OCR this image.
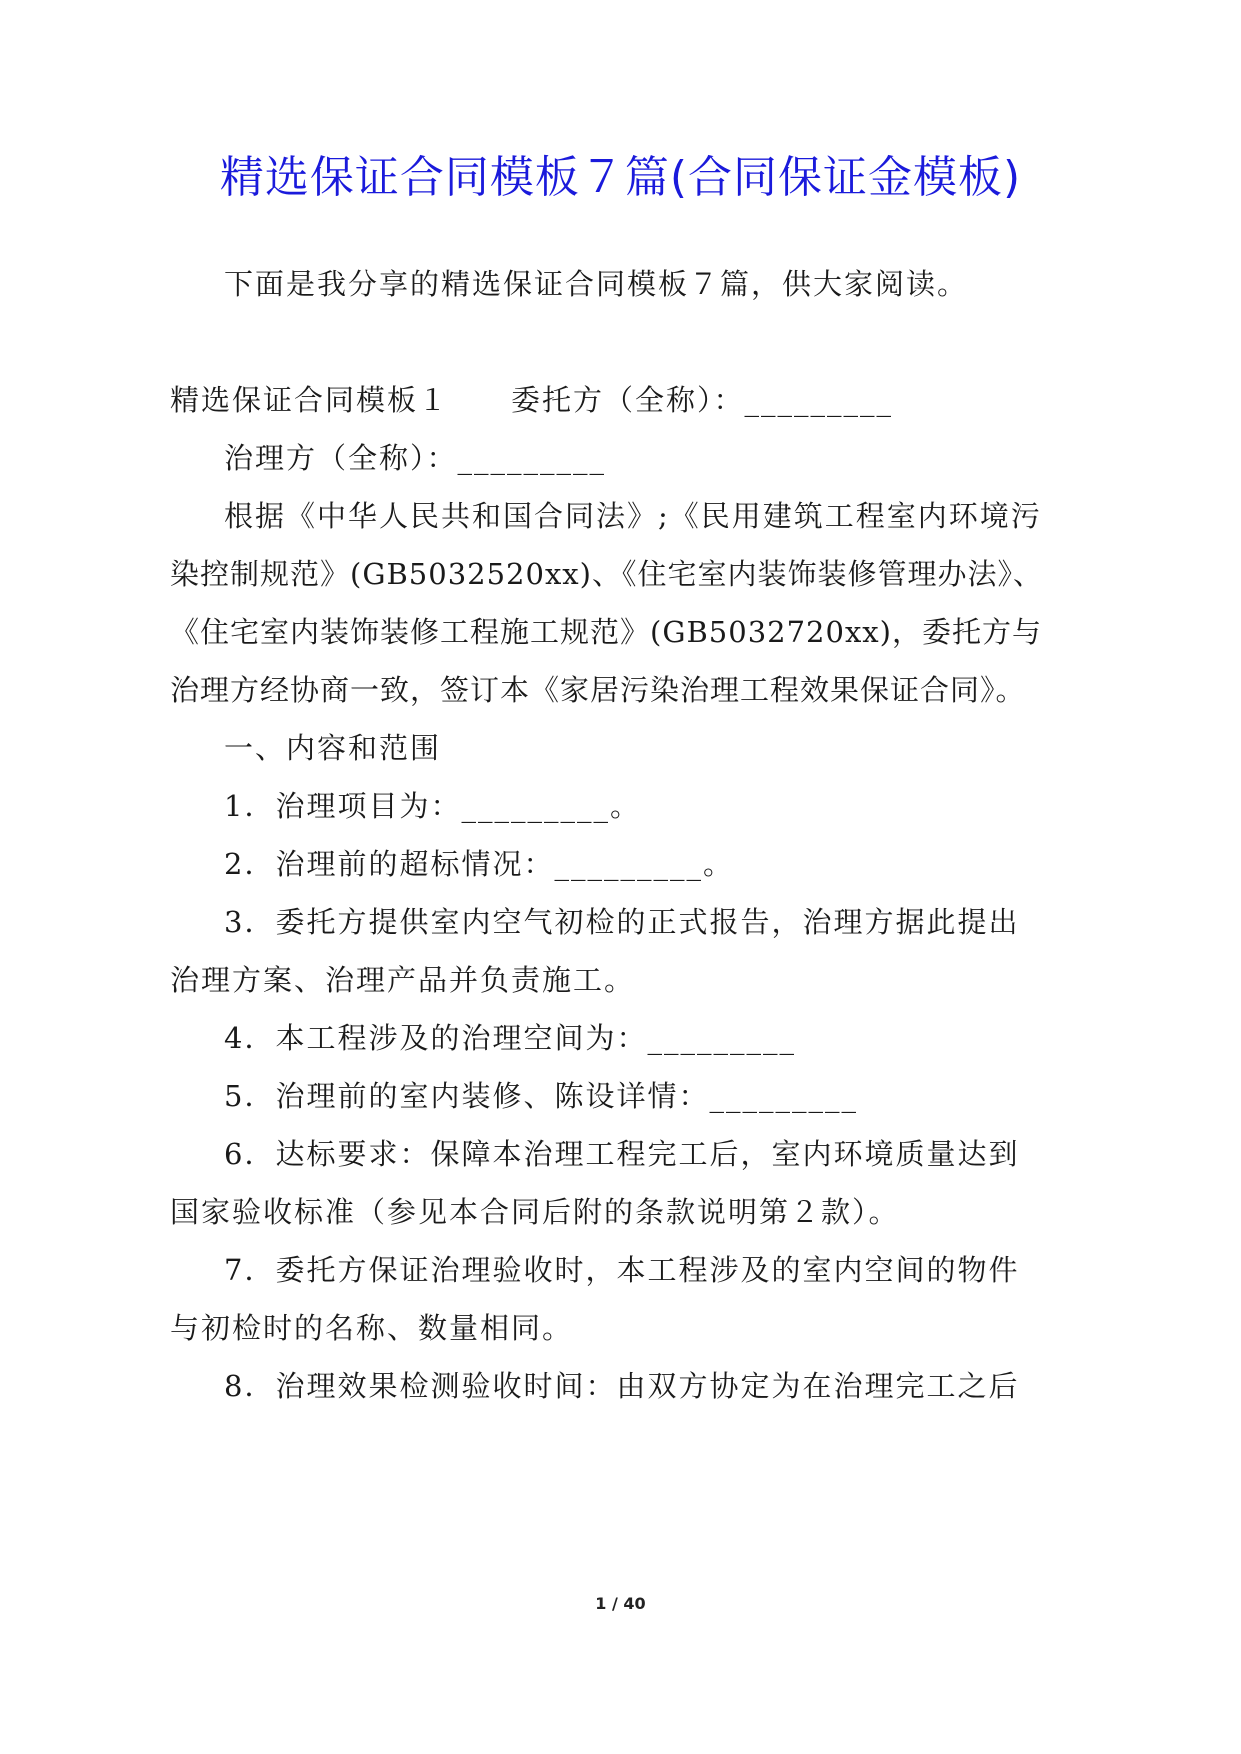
精选保证合同模板７篇(合同保证金模板)
下面是我分享的精选保证合同模板７篇，供大家阅读。
精选保证合同模板１　　委托方（全称）：_________
治理方（全称）：_________
根据《中华人民共和国合同法》;《民用建筑工程室内环境污
染控制规范》(GB5032520xx)、《住宅室内装饰装修管理办法》、
《住宅室内装饰装修工程施工规范》(GB5032720xx)，委托方与
治理方经协商一致，签订本《家居污染治理工程效果保证合同》。
一、内容和范围
1．治理项目为：_________。
2．治理前的超标情况：_________。
3．委托方提供室内空气初检的正式报告，治理方据此提出
治理方案、治理产品并负责施工。
4．本工程涉及的治理空间为：_________
5．治理前的室内装修、陈设详情：_________
6．达标要求：保障本治理工程完工后，室内环境质量达到
国家验收标准（参见本合同后附的条款说明第２款）。
7．委托方保证治理验收时，本工程涉及的室内空间的物件
与初检时的名称、数量相同。
8．治理效果检测验收时间：由双方协定为在治理完工之后
1 / 40
